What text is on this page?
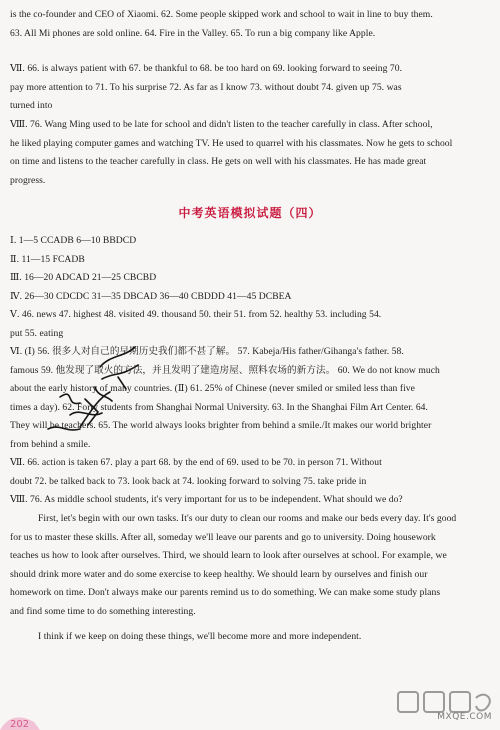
is the co-founder and CEO of Xiaomi. 62. Some people skipped work and school to wait in line to buy them.
63. All Mi phones are sold online. 64. Fire in the Valley. 65. To run a big company like Apple.
Ⅶ. 66. is always patient with 67. be thankful to 68. be too hard on 69. looking forward to seeing 70.
pay more attention to 71. To his surprise 72. As far as I know 73. without doubt 74. given up 75. was
turned into
Ⅷ. 76. Wang Ming used to be late for school and didn't listen to the teacher carefully in class. After school,
he liked playing computer games and watching TV. He used to quarrel with his classmates. Now he gets to school
on time and listens to the teacher carefully in class. He gets on well with his classmates. He has made great
progress.
中考英语模拟试题（四）
Ⅰ. 1—5 CCADB 6—10 BBDCD
Ⅱ. 11—15 FCADB
Ⅲ. 16—20 ADCAD 21—25 CBCBD
Ⅳ. 26—30 CDCDC 31—35 DBCAD 36—40 CBDDD 41—45 DCBEA
Ⅴ. 46. news 47. highest 48. visited 49. thousand 50. their 51. from 52. healthy 53. including 54.
put 55. eating
Ⅵ. (Ⅰ) 56. 很多人对自己的早期历史我们都不甚了解。 57. Kabeja/His father/Gihanga's father. 58.
famous 59. 他发现了取火的方法，并且发明了建造房屋、照料农场的新方法。 60. We do not know much
about the early history of many countries. (Ⅱ) 61. 25% of Chinese (never smiled or smiled less than five
times a day). 62. Forty students from Shanghai Normal University. 63. In the Shanghai Film Art Center. 64.
They will be teachers. 65. The world always looks brighter from behind a smile./It makes our world brighter
from behind a smile.
Ⅶ. 66. action is taken 67. play a part 68. by the end of 69. used to be 70. in person 71. Without
doubt 72. be talked back to 73. look back at 74. looking forward to solving 75. take pride in
Ⅷ. 76. As middle school students, it's very important for us to be independent. What should we do?
First, let's begin with our own tasks. It's our duty to clean our rooms and make our beds every day. It's good
for us to master these skills. After all, someday we'll leave our parents and go to university. Doing housework
teaches us how to look after ourselves. Third, we should learn to look after ourselves at school. For example, we
should drink more water and do some exercise to keep healthy. We should learn by ourselves and finish our
homework on time. Don't always make our parents remind us to do something. We can make some study plans
and find some time to do something interesting.
I think if we keep on doing these things, we'll become more and more independent.
202
MXQE.COM
